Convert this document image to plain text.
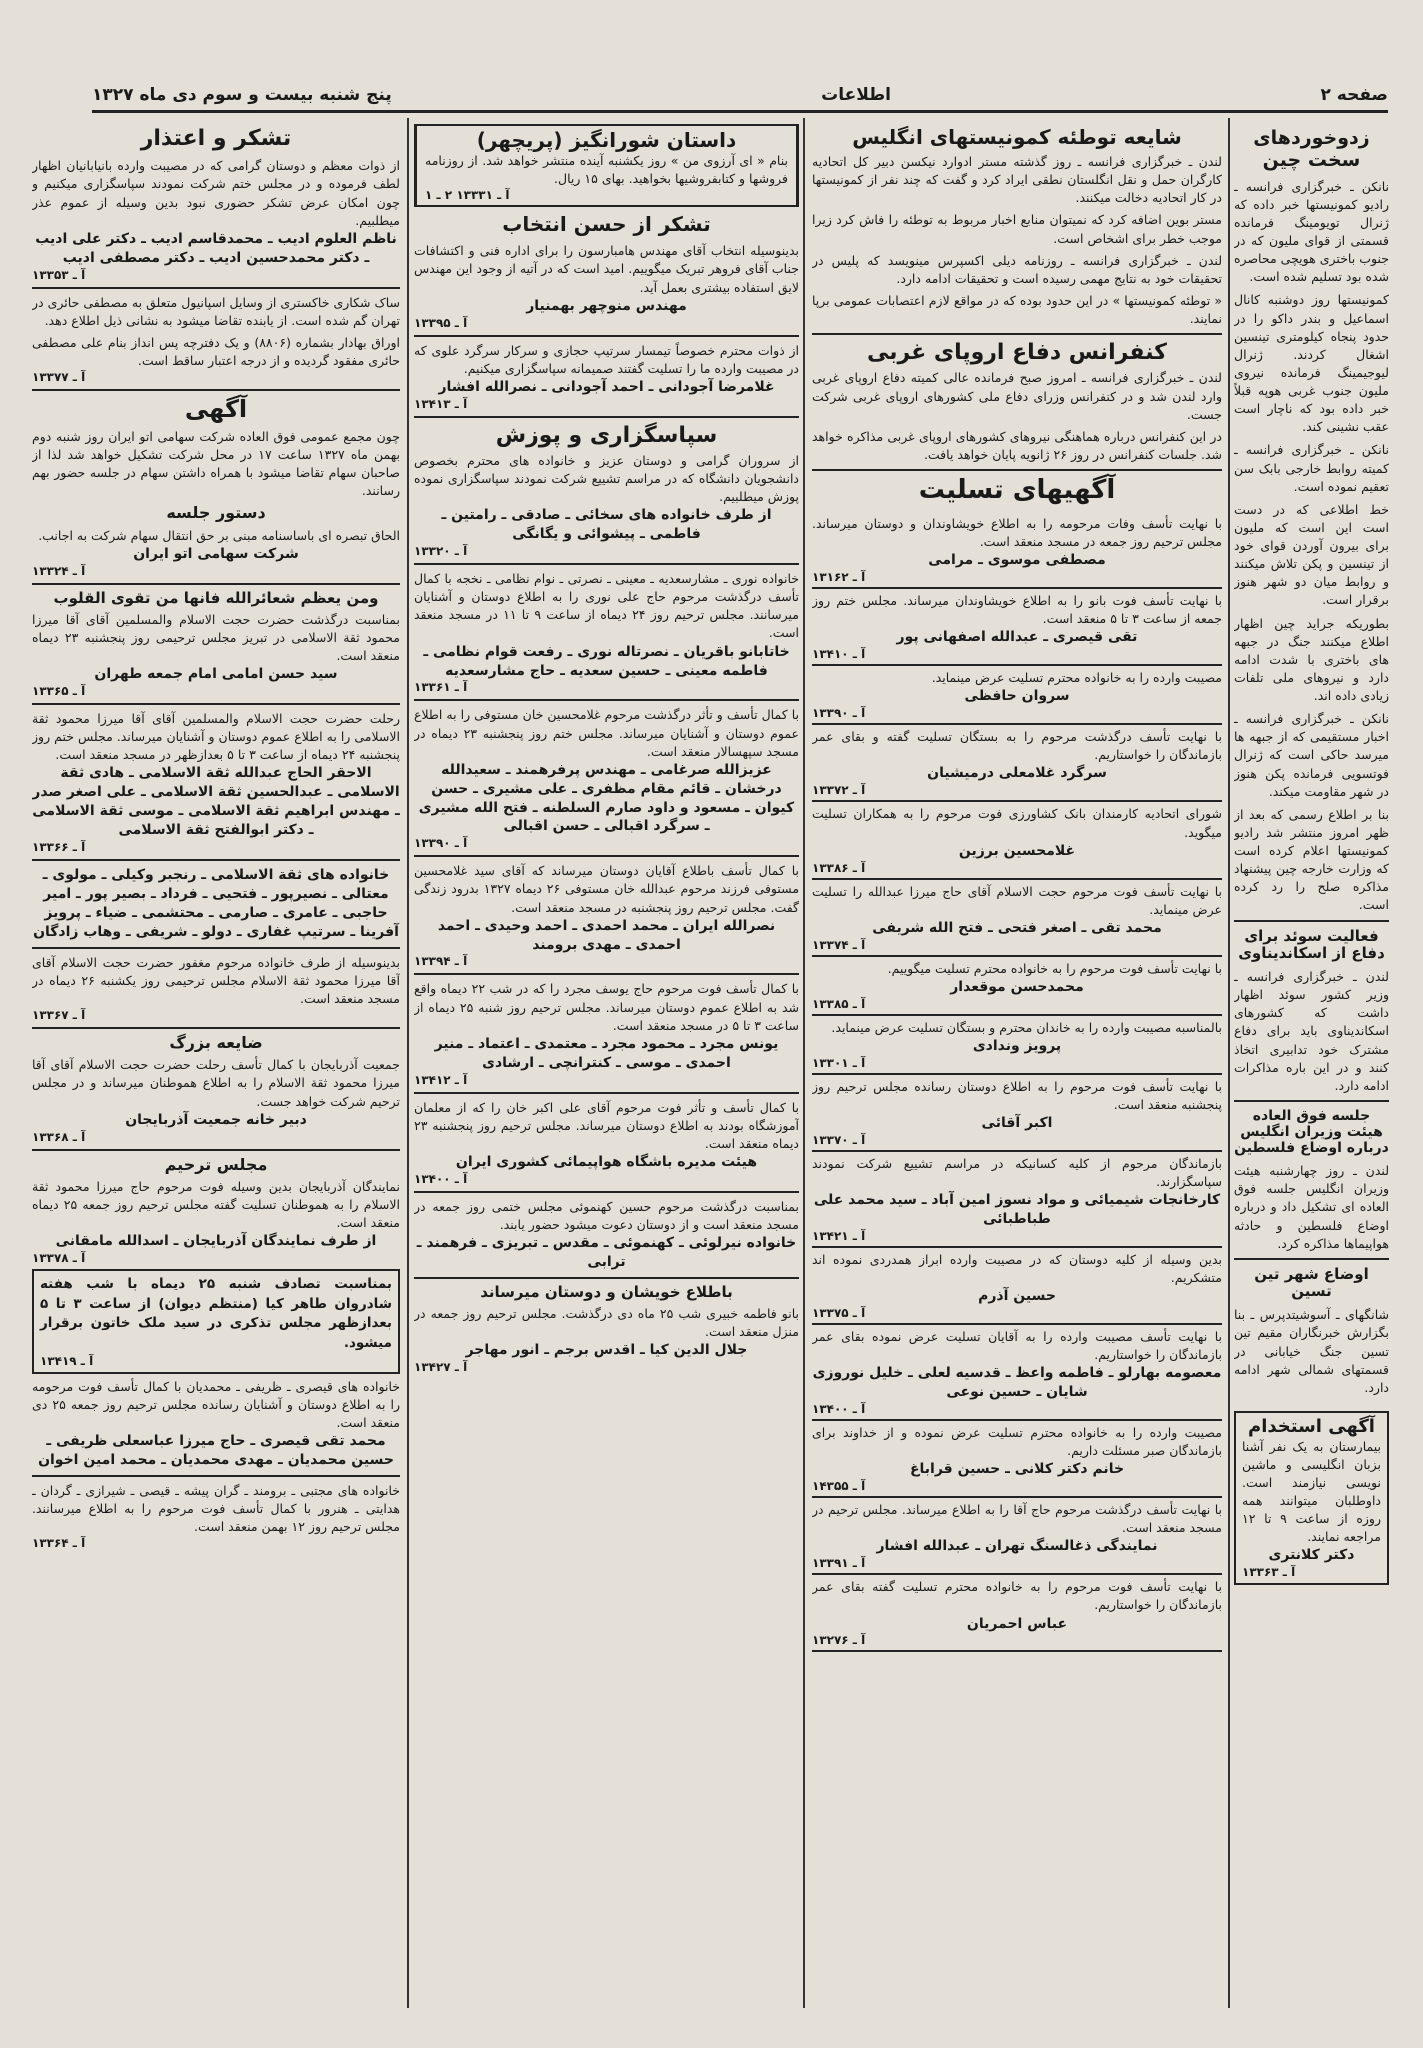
صفحه ۲
اطلاعات
پنج شنبه بیست و سوم دی ماه ۱۳۲۷
زدوخوردهای سخت چین
نانکن ـ خبرگزاری فرانسه ـ رادیو کمونیستها خبر داده که ژنرال تویومینگ فرمانده قسمتی از قوای ملیون که در جنوب باختری هویچی محاصره شده بود تسلیم شده است.
کمونیستها روز دوشنبه کانال اسماعیل و بندر داکو را در حدود پنجاه کیلومتری تینسین اشغال کردند. ژنرال لیوجیمینگ فرمانده نیروی ملیون جنوب غربی هوپه قبلاً خبر داده بود که ناچار است عقب نشینی کند.
نانکن ـ خبرگزاری فرانسه ـ کمیته روابط خارجی بابک سن تعقیم نموده است.
خط اطلاعی که در دست است این است که ملیون برای بیرون آوردن قوای خود از تینسین و پکن تلاش میکنند و روابط میان دو شهر هنوز برقرار است.
بطوریکه جراید چین اظهار اطلاع میکنند جنگ در جبهه های باختری با شدت ادامه دارد و نیروهای ملی تلفات زیادی داده اند.
نانکن ـ خبرگزاری فرانسه ـ اخبار مستقیمی که از جبهه ها میرسد حاکی است که ژنرال فوتسویی فرمانده پکن هنوز در شهر مقاومت میکند.
بنا بر اطلاع رسمی که بعد از ظهر امروز منتشر شد رادیو کمونیستها اعلام کرده است که وزارت خارجه چین پیشنهاد مذاکره صلح را رد کرده است.
فعالیت سوئد برای دفاع از اسکاندیناوی
لندن ـ خبرگزاری فرانسه ـ وزیر کشور سوئد اظهار داشت که کشورهای اسکاندیناوی باید برای دفاع مشترک خود تدابیری اتخاذ کنند و در این باره مذاکرات ادامه دارد.
جلسه فوق العاده هیئت وزیران انگلیس درباره اوضاع فلسطین
لندن ـ روز چهارشنبه هیئت وزیران انگلیس جلسه فوق العاده ای تشکیل داد و درباره اوضاع فلسطین و حادثه هواپیماها مذاکره کرد.
اوضاع شهر تین تسین
شانگهای ـ آسوشیتدپرس ـ بنا بگزارش خبرنگاران مقیم تین تسین جنگ خیابانی در قسمتهای شمالی شهر ادامه دارد.
آگهی استخدام
بیمارستان به یک نفر آشنا بزبان انگلیسی و ماشین نویسی نیازمند است. داوطلبان میتوانند همه روزه از ساعت ۹ تا ۱۲ مراجعه نمایند.
دکتر کلانتری
آ ـ ۱۳۳۶۳
شایعه توطئه کمونیستهای انگلیس
لندن ـ خبرگزاری فرانسه ـ روز گذشته مستر ادوارد نیکسن دبیر کل اتحادیه کارگران حمل و نقل انگلستان نطقی ایراد کرد و گفت که چند نفر از کمونیستها در کار اتحادیه دخالت میکنند.
مستر بوین اضافه کرد که نمیتوان منابع اخبار مربوط به توطئه را فاش کرد زیرا موجب خطر برای اشخاص است.
لندن ـ خبرگزاری فرانسه ـ روزنامه دیلی اکسپرس مینویسد که پلیس در تحقیقات خود به نتایج مهمی رسیده است و تحقیقات ادامه دارد.
« توطئه کمونیستها » در این حدود بوده که در مواقع لازم اعتصابات عمومی برپا نمایند.
کنفرانس دفاع اروپای غربی
لندن ـ خبرگزاری فرانسه ـ امروز صبح فرمانده عالی کمیته دفاع اروپای غربی وارد لندن شد و در کنفرانس وزرای دفاع ملی کشورهای اروپای غربی شرکت جست.
در این کنفرانس درباره هماهنگی نیروهای کشورهای اروپای غربی مذاکره خواهد شد. جلسات کنفرانس در روز ۲۶ ژانویه پایان خواهد یافت.
آگهیهای تسلیت
با نهایت تأسف وفات مرحومه را به اطلاع خویشاوندان و دوستان میرساند. مجلس ترحیم روز جمعه در مسجد منعقد است.
مصطفی موسوی ـ مرامی
آ ـ ۱۳۱۶۲
با نهایت تأسف فوت بانو را به اطلاع خویشاوندان میرساند. مجلس ختم روز جمعه از ساعت ۳ تا ۵ منعقد است.
تقی قیصری ـ عبدالله اصفهانی پور
آ ـ ۱۳۴۱۰
مصیبت وارده را به خانواده محترم تسلیت عرض مینماید.
سروان حافظی
آ ـ ۱۳۳۹۰
با نهایت تأسف درگذشت مرحوم را به بستگان تسلیت گفته و بقای عمر بازماندگان را خواستاریم.
سرگرد غلامعلی درمیشیان
آ ـ ۱۳۳۷۲
شورای اتحادیه کارمندان بانک کشاورزی فوت مرحوم را به همکاران تسلیت میگوید.
غلامحسین برزین
آ ـ ۱۳۳۸۶
با نهایت تأسف فوت مرحوم حجت الاسلام آقای حاج میرزا عبدالله را تسلیت عرض مینماید.
محمد تقی ـ اصغر فتحی ـ فتح الله شریفی
آ ـ ۱۳۳۷۴
با نهایت تأسف فوت مرحوم را به خانواده محترم تسلیت میگوییم.
محمدحسن موقعدار
آ ـ ۱۳۳۸۵
بالمناسبه مصیبت وارده را به خاندان محترم و بستگان تسلیت عرض مینماید.
پرویز وندادی
آ ـ ۱۳۳۰۱
با نهایت تأسف فوت مرحوم را به اطلاع دوستان رسانده مجلس ترحیم روز پنجشنبه منعقد است.
اکبر آقائی
آ ـ ۱۳۳۷۰
بازماندگان مرحوم از کلیه کسانیکه در مراسم تشییع شرکت نمودند سپاسگزارند.
کارخانجات شیمیائی و مواد نسوز امین آباد ـ سید محمد علی طباطبائی
آ ـ ۱۳۴۲۱
بدین وسیله از کلیه دوستان که در مصیبت وارده ابراز همدردی نموده اند متشکریم.
حسین آذرم
آ ـ ۱۳۳۷۵
با نهایت تأسف مصیبت وارده را به آقایان تسلیت عرض نموده بقای عمر بازماندگان را خواستاریم.
معصومه بهارلو ـ فاطمه واعظ ـ قدسیه لعلی ـ خلیل نوروزی شایان ـ حسین نوعی
آ ـ ۱۳۴۰۰
مصیبت وارده را به خانواده محترم تسلیت عرض نموده و از خداوند برای بازماندگان صبر مسئلت داریم.
خانم دکتر کلانی ـ حسین قراباغ
آ ـ ۱۴۳۵۵
با نهایت تأسف درگذشت مرحوم حاج آقا را به اطلاع میرساند. مجلس ترحیم در مسجد منعقد است.
نمایندگی ذغالسنگ تهران ـ عبدالله افشار
آ ـ ۱۳۳۹۱
با نهایت تأسف فوت مرحوم را به خانواده محترم تسلیت گفته بقای عمر بازماندگان را خواستاریم.
عباس احمریان
آ ـ ۱۳۲۷۶
داستان شورانگیز (پریچهر)
بنام « ای آرزوی من » روز یکشنبه آینده منتشر خواهد شد. از روزنامه فروشها و کتابفروشیها بخواهید. بهای ۱۵ ریال.
آ ـ ۱۳۳۳۱ ۲ ـ ۱
تشکر از حسن انتخاب
بدینوسیله انتخاب آقای مهندس هامبارسون را برای اداره فنی و اکتشافات جناب آقای فروهر تبریک میگوییم. امید است که در آتیه از وجود این مهندس لایق استفاده بیشتری بعمل آید.
مهندس منوچهر بهمنیار
آ ـ ۱۳۳۹۵
از ذوات محترم خصوصاً تیمسار سرتیپ حجازی و سرکار سرگرد علوی که در مصیبت وارده ما را تسلیت گفتند صمیمانه سپاسگزاری میکنیم.
غلامرضا آجودانی ـ احمد آجودانی ـ نصرالله افشار
آ ـ ۱۳۴۱۳
سپاسگزاری و پوزش
از سروران گرامی و دوستان عزیز و خانواده های محترم بخصوص دانشجویان دانشگاه که در مراسم تشییع شرکت نمودند سپاسگزاری نموده پوزش میطلبیم.
از طرف خانواده های سخائی ـ صادقی ـ رامتین ـ فاطمی ـ پیشوائی و یگانگی
آ ـ ۱۳۳۲۰
خانواده نوری ـ مشارسعدیه ـ معینی ـ نصرتی ـ نوام نظامی ـ نخجه با کمال تأسف درگذشت مرحوم حاج علی نوری را به اطلاع دوستان و آشنایان میرسانند. مجلس ترحیم روز ۲۴ دیماه از ساعت ۹ تا ۱۱ در مسجد منعقد است.
خاتابانو باقریان ـ نصرتاله نوری ـ رفعت قوام نظامی ـ فاطمه معینی ـ حسین سعدیه ـ حاج مشارسعدیه
آ ـ ۱۳۳۶۱
با کمال تأسف و تأثر درگذشت مرحوم غلامحسین خان مستوفی را به اطلاع عموم دوستان و آشنایان میرساند. مجلس ختم روز پنجشنبه ۲۳ دیماه در مسجد سپهسالار منعقد است.
عزیزالله صرغامی ـ مهندس پرفرهمند ـ سعیدالله درخشان ـ قائم مقام مظفری ـ علی مشیری ـ حسن کیوان ـ مسعود و داود صارم السلطنه ـ فتح الله مشیری ـ سرگرد اقبالی ـ حسن اقبالی
آ ـ ۱۳۳۹۰
با کمال تأسف باطلاع آقایان دوستان میرساند که آقای سید غلامحسین مستوفی فرزند مرحوم عبدالله خان مستوفی ۲۶ دیماه ۱۳۲۷ بدرود زندگی گفت. مجلس ترحیم روز پنجشنبه در مسجد منعقد است.
نصرالله ایران ـ محمد احمدی ـ احمد وحیدی ـ احمد احمدی ـ مهدی برومند
آ ـ ۱۳۳۹۴
با کمال تأسف فوت مرحوم حاج یوسف مجرد را که در شب ۲۲ دیماه واقع شد به اطلاع عموم دوستان میرساند. مجلس ترحیم روز شنبه ۲۵ دیماه از ساعت ۳ تا ۵ در مسجد منعقد است.
یونس مجرد ـ محمود مجرد ـ معتمدی ـ اعتماد ـ منیر احمدی ـ موسی ـ کنترانچی ـ ارشادی
آ ـ ۱۳۴۱۲
با کمال تأسف و تأثر فوت مرحوم آقای علی اکبر خان را که از معلمان آموزشگاه بودند به اطلاع دوستان میرساند. مجلس ترحیم روز پنجشنبه ۲۳ دیماه منعقد است.
هیئت مدیره باشگاه هواپیمائی کشوری ایران
آ ـ ۱۳۴۰۰
بمناسبت درگذشت مرحوم حسین کهنموئی مجلس ختمی روز جمعه در مسجد منعقد است و از دوستان دعوت میشود حضور یابند.
خانواده نیرلوئی ـ کهنموئی ـ مقدس ـ تبریزی ـ فرهمند ـ ترابی
باطلاع خویشان و دوستان میرساند
بانو فاطمه خبیری شب ۲۵ ماه دی درگذشت. مجلس ترحیم روز جمعه در منزل منعقد است.
جلال الدین کیا ـ اقدس برجم ـ انور مهاجر
آ ـ ۱۳۴۲۷
تشکر و اعتذار
از ذوات معظم و دوستان گرامی که در مصیبت وارده بانیابانیان اظهار لطف فرموده و در مجلس ختم شرکت نمودند سپاسگزاری میکنیم و چون امکان عرض تشکر حضوری نبود بدین وسیله از عموم عذر میطلبیم.
ناظم العلوم ادیب ـ محمدقاسم ادیب ـ دکتر علی ادیب ـ دکتر محمدحسین ادیب ـ دکتر مصطفی ادیب
آ ـ ۱۳۳۵۳
ساک شکاری خاکستری از وسایل اسپانیول متعلق به مصطفی حائری در تهران گم شده است. از یابنده تقاضا میشود به نشانی ذیل اطلاع دهد.
اوراق بهادار بشماره (۸۸۰۶) و یک دفترچه پس انداز بنام علی مصطفی حائری مفقود گردیده و از درجه اعتبار ساقط است.
آ ـ ۱۳۳۷۷
آگهی
چون مجمع عمومی فوق العاده شرکت سهامی اتو ایران روز شنبه دوم بهمن ماه ۱۳۲۷ ساعت ۱۷ در محل شرکت تشکیل خواهد شد لذا از صاحبان سهام تقاضا میشود با همراه داشتن سهام در جلسه حضور بهم رسانند.
دستور جلسه
الحاق تبصره ای باساسنامه مبنی بر حق انتقال سهام شرکت به اجانب.
شرکت سهامی اتو ایران
آ ـ ۱۳۳۲۴
ومن یعظم شعائرالله فانها من تقوی القلوب
بمناسبت درگذشت حضرت حجت الاسلام والمسلمین آقای آقا میرزا محمود ثقة الاسلامی در تبریز مجلس ترحیمی روز پنجشنبه ۲۳ دیماه منعقد است.
سید حسن امامی امام جمعه طهران
آ ـ ۱۳۳۶۵
رحلت حضرت حجت الاسلام والمسلمین آقای آقا میرزا محمود ثقة الاسلامی را به اطلاع عموم دوستان و آشنایان میرساند. مجلس ختم روز پنجشنبه ۲۴ دیماه از ساعت ۳ تا ۵ بعدازظهر در مسجد منعقد است.
الاحقر الحاج عبدالله ثقة الاسلامی ـ هادی ثقة الاسلامی ـ عبدالحسین ثقة الاسلامی ـ علی اصغر صدر ـ مهندس ابراهیم ثقة الاسلامی ـ موسی ثقة الاسلامی ـ دکتر ابوالفتح ثقة الاسلامی
آ ـ ۱۳۳۶۶
خانواده های ثقة الاسلامی ـ رنجبر وکیلی ـ مولوی ـ معتالی ـ نصیرپور ـ فتحیی ـ فرداد ـ بصیر پور ـ امیر حاجبی ـ عامری ـ صارمی ـ محتشمی ـ ضیاء ـ پرویز آفرینا ـ سرتیپ غفاری ـ دولو ـ شریفی ـ وهاب زادگان
بدینوسیله از طرف خانواده مرحوم مغفور حضرت حجت الاسلام آقای آقا میرزا محمود ثقة الاسلام مجلس ترحیمی روز یکشنبه ۲۶ دیماه در مسجد منعقد است.
آ ـ ۱۳۳۶۷
ضایعه بزرگ
جمعیت آذربایجان با کمال تأسف رحلت حضرت حجت الاسلام آقای آقا میرزا محمود ثقة الاسلام را به اطلاع هموطنان میرساند و در مجلس ترحیم شرکت خواهد جست.
دبیر خانه جمعیت آذربایجان
آ ـ ۱۳۳۶۸
مجلس ترحیم
نمایندگان آذربایجان بدین وسیله فوت مرحوم حاج میرزا محمود ثقة الاسلام را به هموطنان تسلیت گفته مجلس ترحیم روز جمعه ۲۵ دیماه منعقد است.
از طرف نمایندگان آذربایجان ـ اسدالله مامقانی
آ ـ ۱۳۳۷۸
بمناسبت تصادف شنبه ۲۵ دیماه با شب هفته شادروان طاهر کیا (منتظم دیوان) از ساعت ۳ تا ۵ بعدازظهر مجلس تذکری در سید ملک خاتون برقرار میشود.
آ ـ ۱۳۴۱۹
خانواده های قیصری ـ ظریفی ـ محمدیان با کمال تأسف فوت مرحومه را به اطلاع دوستان و آشنایان رسانده مجلس ترحیم روز جمعه ۲۵ دی منعقد است.
محمد تقی قیصری ـ حاج میرزا عباسعلی ظریفی ـ حسین محمدیان ـ مهدی محمدیان ـ محمد امین اخوان
خانواده های مجتبی ـ برومند ـ گران پیشه ـ قیصی ـ شیرازی ـ گردان ـ هدایتی ـ هنرور با کمال تأسف فوت مرحوم را به اطلاع میرسانند. مجلس ترحیم روز ۱۲ بهمن منعقد است.
آ ـ ۱۳۳۶۴
